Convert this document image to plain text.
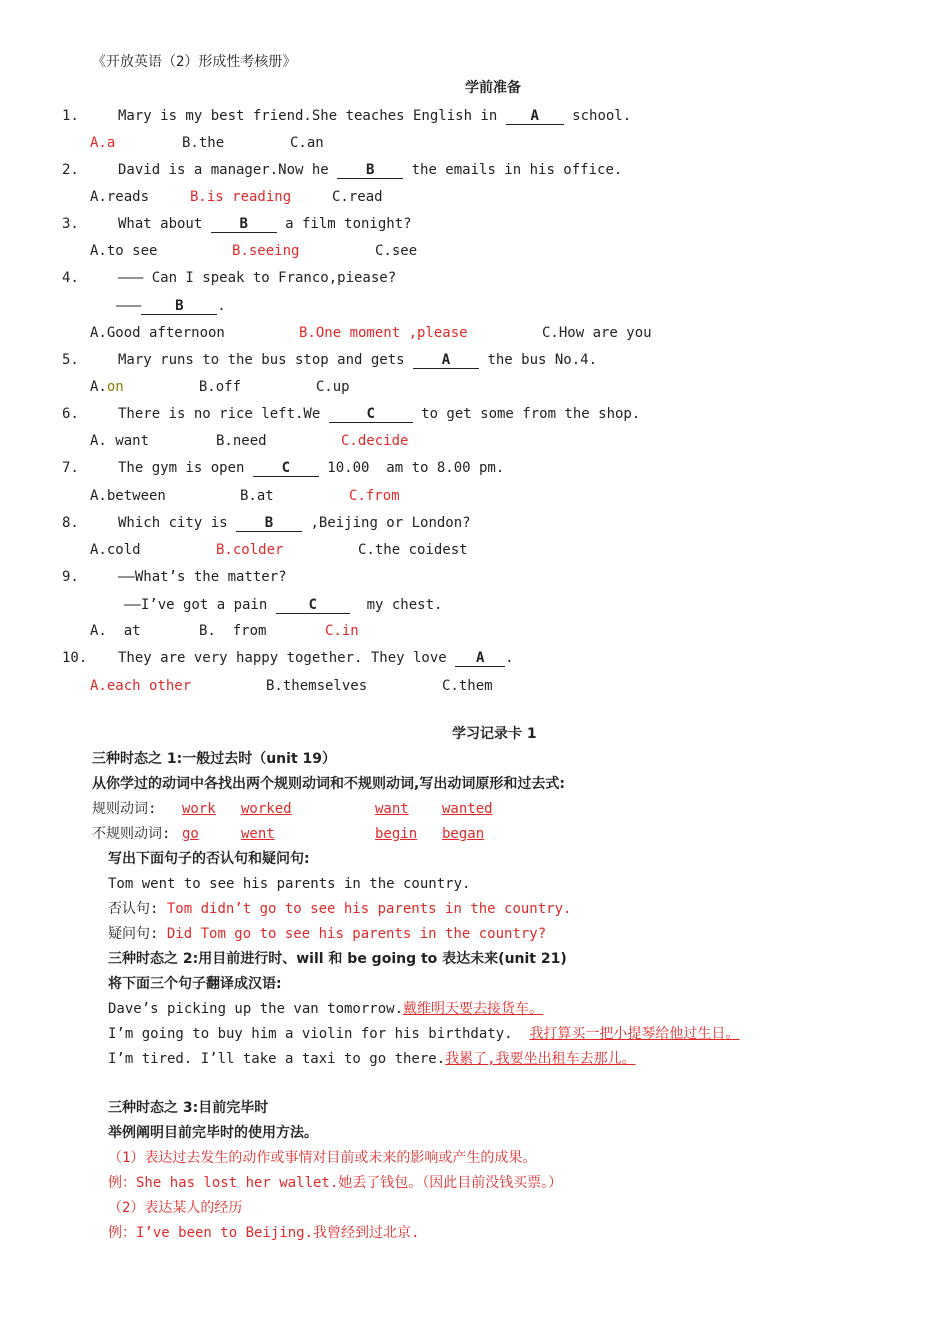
《开放英语（2）形成性考核册》
学前准备
1.	Mary is my best friend.She teaches English in A school.
A.a	B.the	C.an
2.	David is a manager.Now he B the emails in his office.
A.reads	B.is reading	C.read
3.	What about B a film tonight?
A.to see	B.seeing	C.see
4.	——— Can I speak to Franco,piease?
——— B .
A.Good afternoon	B.One moment ,please	C.How are you
5.	Mary runs to the bus stop and gets A the bus No.4.
A.on	B.off	C.up
6.	There is no rice left.We	C	to get some from the shop.
A. want	B.need	C.decide
7.	The gym is open C 10.00  am to 8.00 pm.
A.between	B.at	C.from
8.	Which city is B ,Beijing or London?
A.cold	B.colder	C.the coidest
9.	——What’s the matter?
——I’ve got a pain C  my chest.
A.  at	B.  from	C.in
10. They are very happy together. They love A .
A.each other	B.themselves	C.them
学习记录卡 1
三种时态之 1:一般过去时（unit 19）
从你学过的动词中各找出两个规则动词和不规则动词,写出动词原形和过去式:
规则动词: work worked	want wanted
不规则动词: go	went	begin began
写出下面句子的否认句和疑问句:
Tom went to see his parents in the country.
否认句: Tom didn’t go to see his parents in the country.
疑问句: Did Tom go to see his parents in the country?
三种时态之 2:用目前进行时、will 和 be going to 表达未来(unit 21)
将下面三个句子翻译成汉语:
Dave’s picking up the van tomorrow.戴维明天要去接货车。
I’m going to buy him a violin for his birthdaty. 我打算买一把小提琴给他过生日。
I’m tired. I’ll take a taxi to go there.我累了,我要坐出租车去那儿。
三种时态之 3:目前完毕时
举例阐明目前完毕时的使用方法。
（1）表达过去发生的动作或事情对目前或未来的影响或产生的成果。
例：She has lost her wallet.她丢了钱包。（因此目前没钱买票。）
（2）表达某人的经历
例：I’ve been to Beijing.我曾经到过北京.
